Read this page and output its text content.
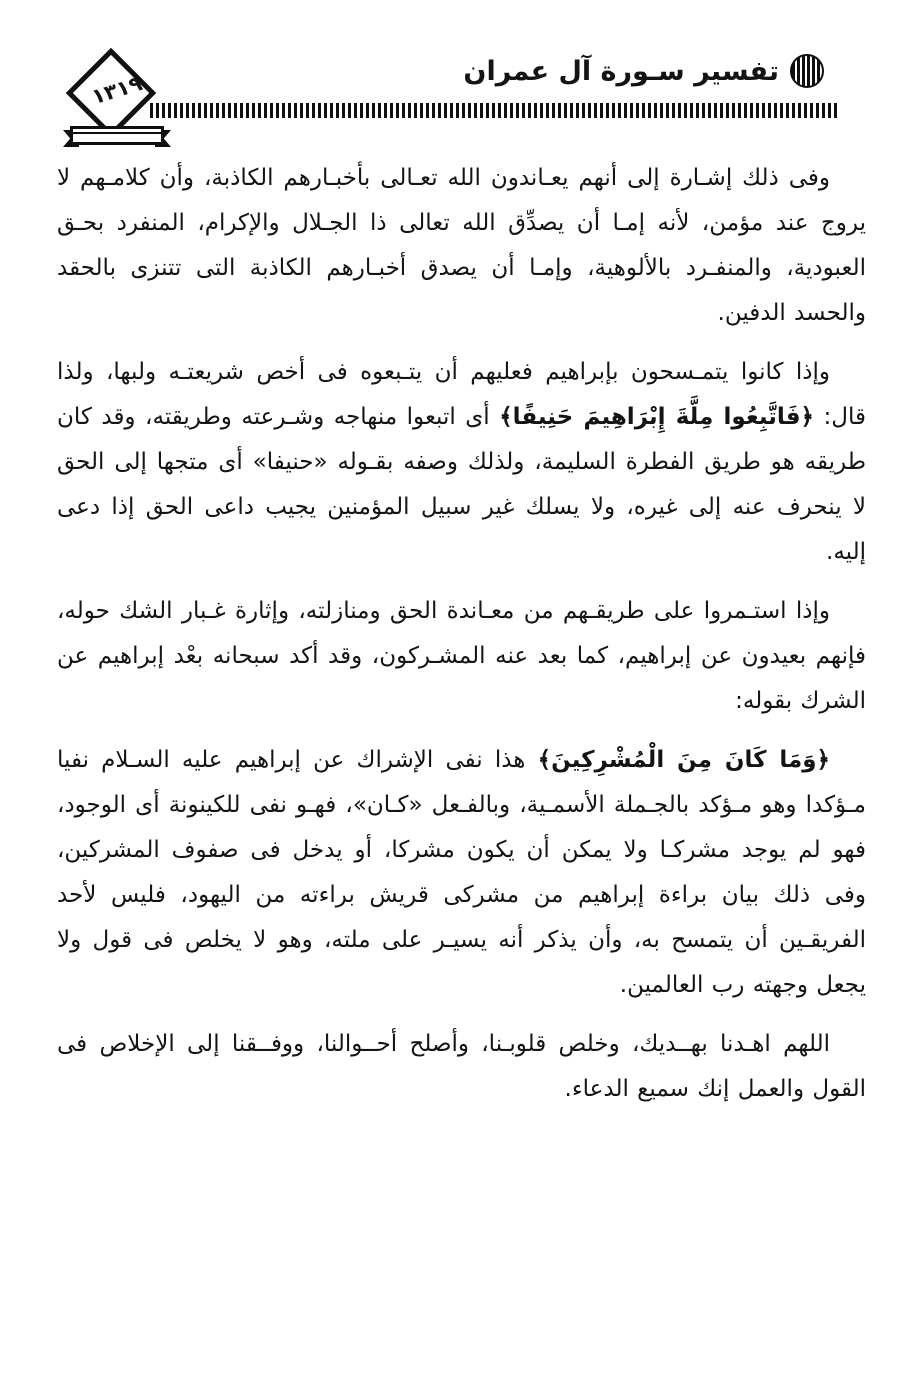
تفسير سـورة آل عمران
١٣١٩

وفى ذلك إشـارة إلى أنهم يعـاندون الله تعـالى بأخبـارهم الكاذبة، وأن كلامـهم لا يروج عند مؤمن، لأنه إمـا أن يصدِّق الله تعالى ذا الجـلال والإكرام، المنفرد بحـق العبودية، والمنفـرد بالألوهية، وإمـا أن يصدق أخبـارهم الكاذبة التى تتنزى بالحقد والحسد الدفين.

وإذا كانوا يتمـسحون بإبراهيم فعليهم أن يتـبعوه فى أخص شريعتـه ولبها، ولذا قال: ﴿فَاتَّبِعُوا مِلَّةَ إِبْرَاهِيمَ حَنِيفًا﴾ أى اتبعوا منهاجه وشـرعته وطريقته، وقد كان طريقه هو طريق الفطرة السليمة، ولذلك وصفه بقـوله «حنيفا» أى متجها إلى الحق لا ينحرف عنه إلى غيره، ولا يسلك غير سبيل المؤمنين يجيب داعى الحق إذا دعى إليه.

وإذا استـمروا على طريقـهم من معـاندة الحق ومنازلته، وإثارة غـبار الشك حوله، فإنهم بعيدون عن إبراهيم، كما بعد عنه المشـركون، وقد أكد سبحانه بعْد إبراهيم عن الشرك بقوله:

﴿وَمَا كَانَ مِنَ الْمُشْرِكِينَ﴾ هذا نفى الإشراك عن إبراهيم عليه السـلام نفيا مـؤكدا وهو مـؤكد بالجـملة الأسمـية، وبالفـعل «كـان»، فهـو نفى للكينونة أى الوجود، فهو لم يوجد مشركـا ولا يمكن أن يكون مشركا، أو يدخل فى صفوف المشركين، وفى ذلك بيان براءة إبراهيم من مشركى قريش براءته من اليهود، فليس لأحد الفريقـين أن يتمسح به، وأن يذكر أنه يسيـر على ملته، وهو لا يخلص فى قول ولا يجعل وجهته رب العالمين.

اللهم اهـدنا بهــديك، وخلص قلوبـنا، وأصلح أحــوالنا، ووفــقنا إلى الإخلاص فى القول والعمل إنك سميع الدعاء.
